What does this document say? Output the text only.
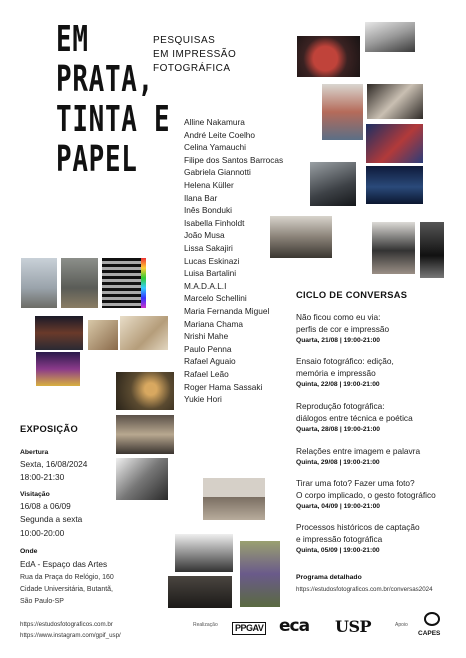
EM
PRATA,
TINTA E
PAPEL
PESQUISAS
EM IMPRESSÃO
FOTOGRÁFICA
Alline Nakamura
André Leite Coelho
Celina Yamauchi
Filipe dos Santos Barrocas
Gabriela Giannotti
Helena Küller
Ilana Bar
Inês Bonduki
Isabella Finholdt
João Musa
Lissa Sakajiri
Lucas Eskinazi
Luisa Bartalini
M.A.D.A.L.I
Marcelo Schellini
Maria Fernanda Miguel
Mariana Chama
Nrishi Mahe
Paulo Penna
Rafael Aguaio
Rafael Leão
Roger Hama Sassaki
Yukie Hori
EXPOSIÇÃO
Abertura
Sexta, 16/08/2024
18:00-21:30
Visitação
16/08 a 06/09
Segunda a sexta
10:00-20:00
Onde
EdA - Espaço das Artes
Rua da Praça do Relógio, 160
Cidade Universitária, Butantã,
São Paulo-SP
CICLO DE CONVERSAS
Não ficou como eu via:
perfis de cor e impressão
Quarta, 21/08 | 19:00-21:00
Ensaio fotográfico: edição,
memória e impressão
Quinta, 22/08 | 19:00-21:00
Reprodução fotográfica:
diálogos entre técnica e poética
Quarta, 28/08 | 19:00-21:00
Relações entre imagem e palavra
Quinta, 29/08 | 19:00-21:00
Tirar uma foto? Fazer uma foto?
O corpo implicado, o gesto fotográfico
Quarta, 04/09 | 19:00-21:00
Processos históricos de captação
e impressão fotográfica
Quinta, 05/09 | 19:00-21:00
Programa detalhado
https://estudosfotograficos.com.br/conversas2024
https://estudosfotograficos.com.br
https://www.instagram.com/gpif_usp/
Realização	PPGAV eca USP	Apoio
CAPES
